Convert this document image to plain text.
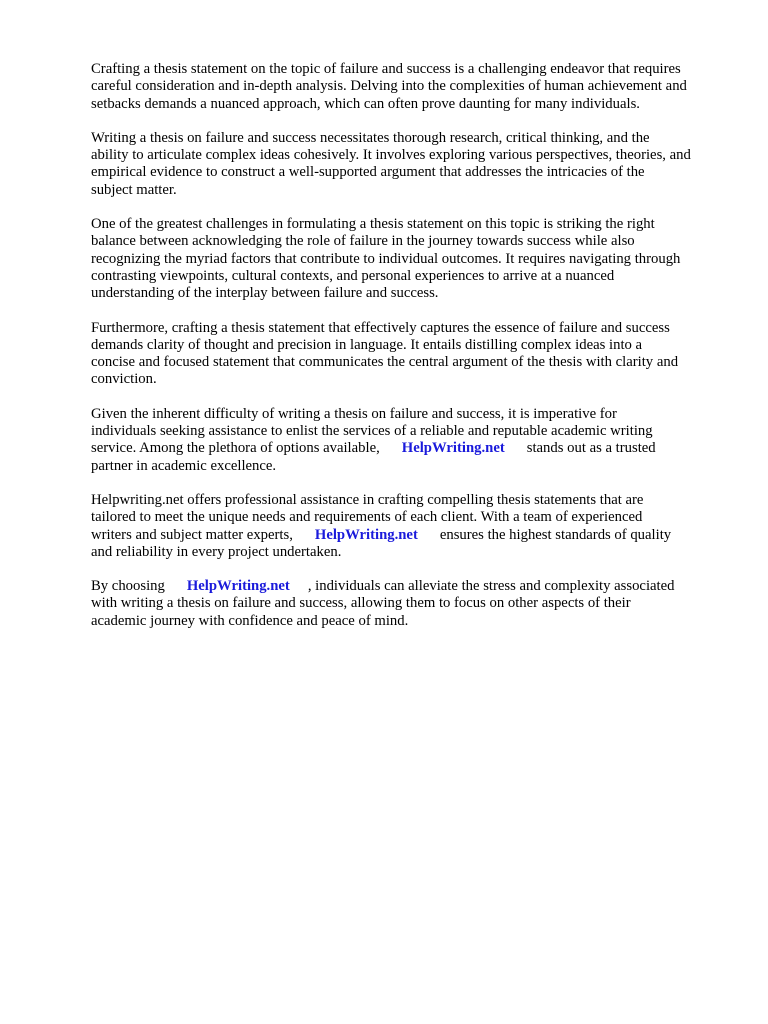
Crafting a thesis statement on the topic of failure and success is a challenging endeavor that requires
careful consideration and in-depth analysis. Delving into the complexities of human achievement and
setbacks demands a nuanced approach, which can often prove daunting for many individuals.

Writing a thesis on failure and success necessitates thorough research, critical thinking, and the
ability to articulate complex ideas cohesively. It involves exploring various perspectives, theories, and
empirical evidence to construct a well-supported argument that addresses the intricacies of the
subject matter.

One of the greatest challenges in formulating a thesis statement on this topic is striking the right
balance between acknowledging the role of failure in the journey towards success while also
recognizing the myriad factors that contribute to individual outcomes. It requires navigating through
contrasting viewpoints, cultural contexts, and personal experiences to arrive at a nuanced
understanding of the interplay between failure and success.

Furthermore, crafting a thesis statement that effectively captures the essence of failure and success
demands clarity of thought and precision in language. It entails distilling complex ideas into a
concise and focused statement that communicates the central argument of the thesis with clarity and
conviction.

Given the inherent difficulty of writing a thesis on failure and success, it is imperative for
individuals seeking assistance to enlist the services of a reliable and reputable academic writing
service. Among the plethora of options available, HelpWriting.net stands out as a trusted
partner in academic excellence.

Helpwriting.net offers professional assistance in crafting compelling thesis statements that are
tailored to meet the unique needs and requirements of each client. With a team of experienced
writers and subject matter experts, HelpWriting.net ensures the highest standards of quality
and reliability in every project undertaken.

By choosing HelpWriting.net , individuals can alleviate the stress and complexity associated
with writing a thesis on failure and success, allowing them to focus on other aspects of their
academic journey with confidence and peace of mind.
